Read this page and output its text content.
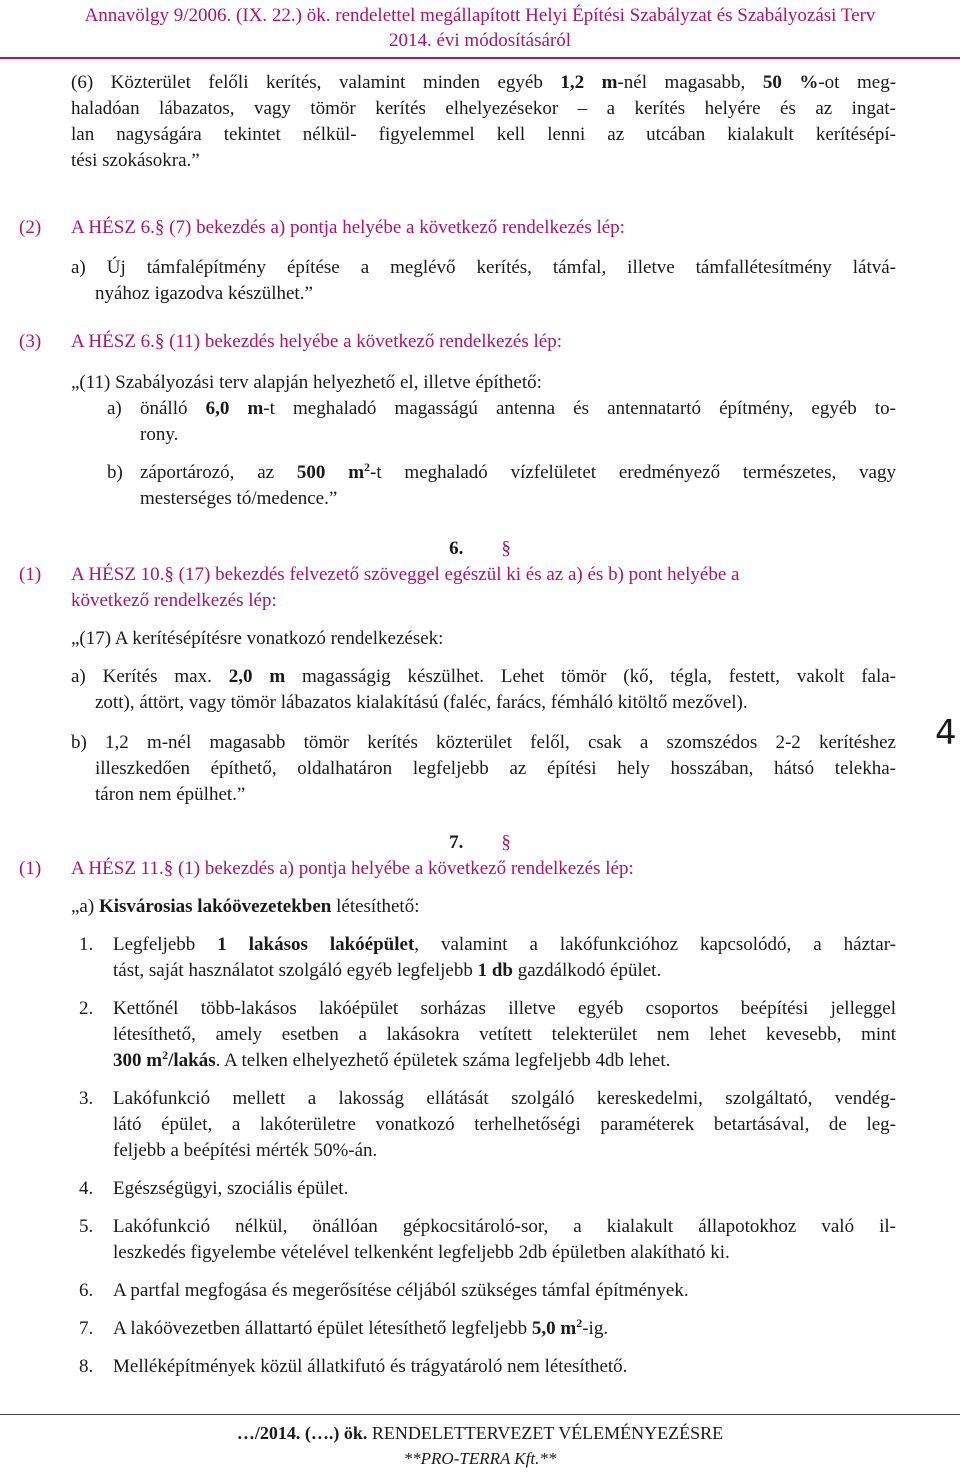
Annavölgy 9/2006. (IX. 22.) ök. rendelettel megállapított Helyi Építési Szabályzat és Szabályozási Terv
2014. évi módosításáról
(6) Közterület felőli kerítés, valamint minden egyéb 1,2 m-nél magasabb, 50 %-ot meg-
haladóan lábazatos, vagy tömör kerítés elhelyezésekor – a kerítés helyére és az ingat-
lan nagyságára tekintet nélkül- figyelemmel kell lenni az utcában kialakult kerítésépí-
tési szokásokra.”
(2) A HÉSZ 6.§ (7) bekezdés a) pontja helyébe a következő rendelkezés lép:
a) Új támfalépítmény építése a meglévő kerítés, támfal, illetve támfallétesítmény látvá-
nyához igazodva készülhet.”
(3) A HÉSZ 6.§ (11) bekezdés helyébe a következő rendelkezés lép:
„(11) Szabályozási terv alapján helyezhető el, illetve építhető:
a) önálló 6,0 m-t meghaladó magasságú antenna és antennatartó építmény, egyéb to-
rony.
b) záportározó, az 500 $m^2-t$ meghaladó vízfelületet eredményező természetes, vagy
mesterséges tó/medence.”
6. §
(1) A HÉSZ 10.§ (17) bekezdés felvezető szöveggel egészül ki és az a) és b) pont helyébe a
következő rendelkezés lép:
„(17) A kerítésépítésre vonatkozó rendelkezések:
a) Kerítés max. 2,0 m magasságig készülhet. Lehet tömör (kő, tégla, festett, vakolt fala-
zott), áttört, vagy tömör lábazatos kialakítású (faléc, farács, fémháló kitöltő mezővel).
b) 1,2 m-nél magasabb tömör kerítés közterület felől, csak a szomszédos 2-2 kerítéshez
illeszkedően építhető, oldalhatáron legfeljebb az építési hely hosszában, hátsó telekha-
táron nem épülhet.”
4
7. §
(1) A HÉSZ 11.§ (1) bekezdés a) pontja helyébe a következő rendelkezés lép:
„a) Kisvárosias lakóövezetekben létesíthető:
1. Legfeljebb 1 lakásos lakóépület, valamint a lakófunkcióhoz kapcsolódó, a háztar-
tást, saját használatot szolgáló egyéb legfeljebb 1 db gazdálkodó épület.
2. Kettőnél több-lakásos lakóépület sorházas illetve egyéb csoportos beépítési jelleggel
létesíthető, amely esetben a lakásokra vetített telekterület nem lehet kevesebb, mint
300 $m^2$/lakás. A telken elhelyezhető épületek száma legfeljebb 4db lehet.
3. Lakófunkció mellett a lakosság ellátását szolgáló kereskedelmi, szolgáltató, vendég-
látó épület, a lakóterületre vonatkozó terhelhetőségi paraméterek betartásával, de leg-
feljebb a beépítési mérték 50%-án.
4. Egészségügyi, szociális épület.
5. Lakófunkció nélkül, önállóan gépkocsitároló-sor, a kialakult állapotokhoz való il-
leszkedés figyelembe vételével telkenként legfeljebb 2db épületben alakítható ki.
6. A partfal megfogása és megerősítése céljából szükséges támfal építmények.
7. A lakóövezetben állattartó épület létesíthető legfeljebb 5,0 $m^2-ig$.
8. Melléképítmények közül állatkifutó és trágyatároló nem létesíthető.
…/2014. (….) ök. RENDELETTERVEZET VÉLEMÉNYEZÉSRE
**PRO-TERRA Kft.**
